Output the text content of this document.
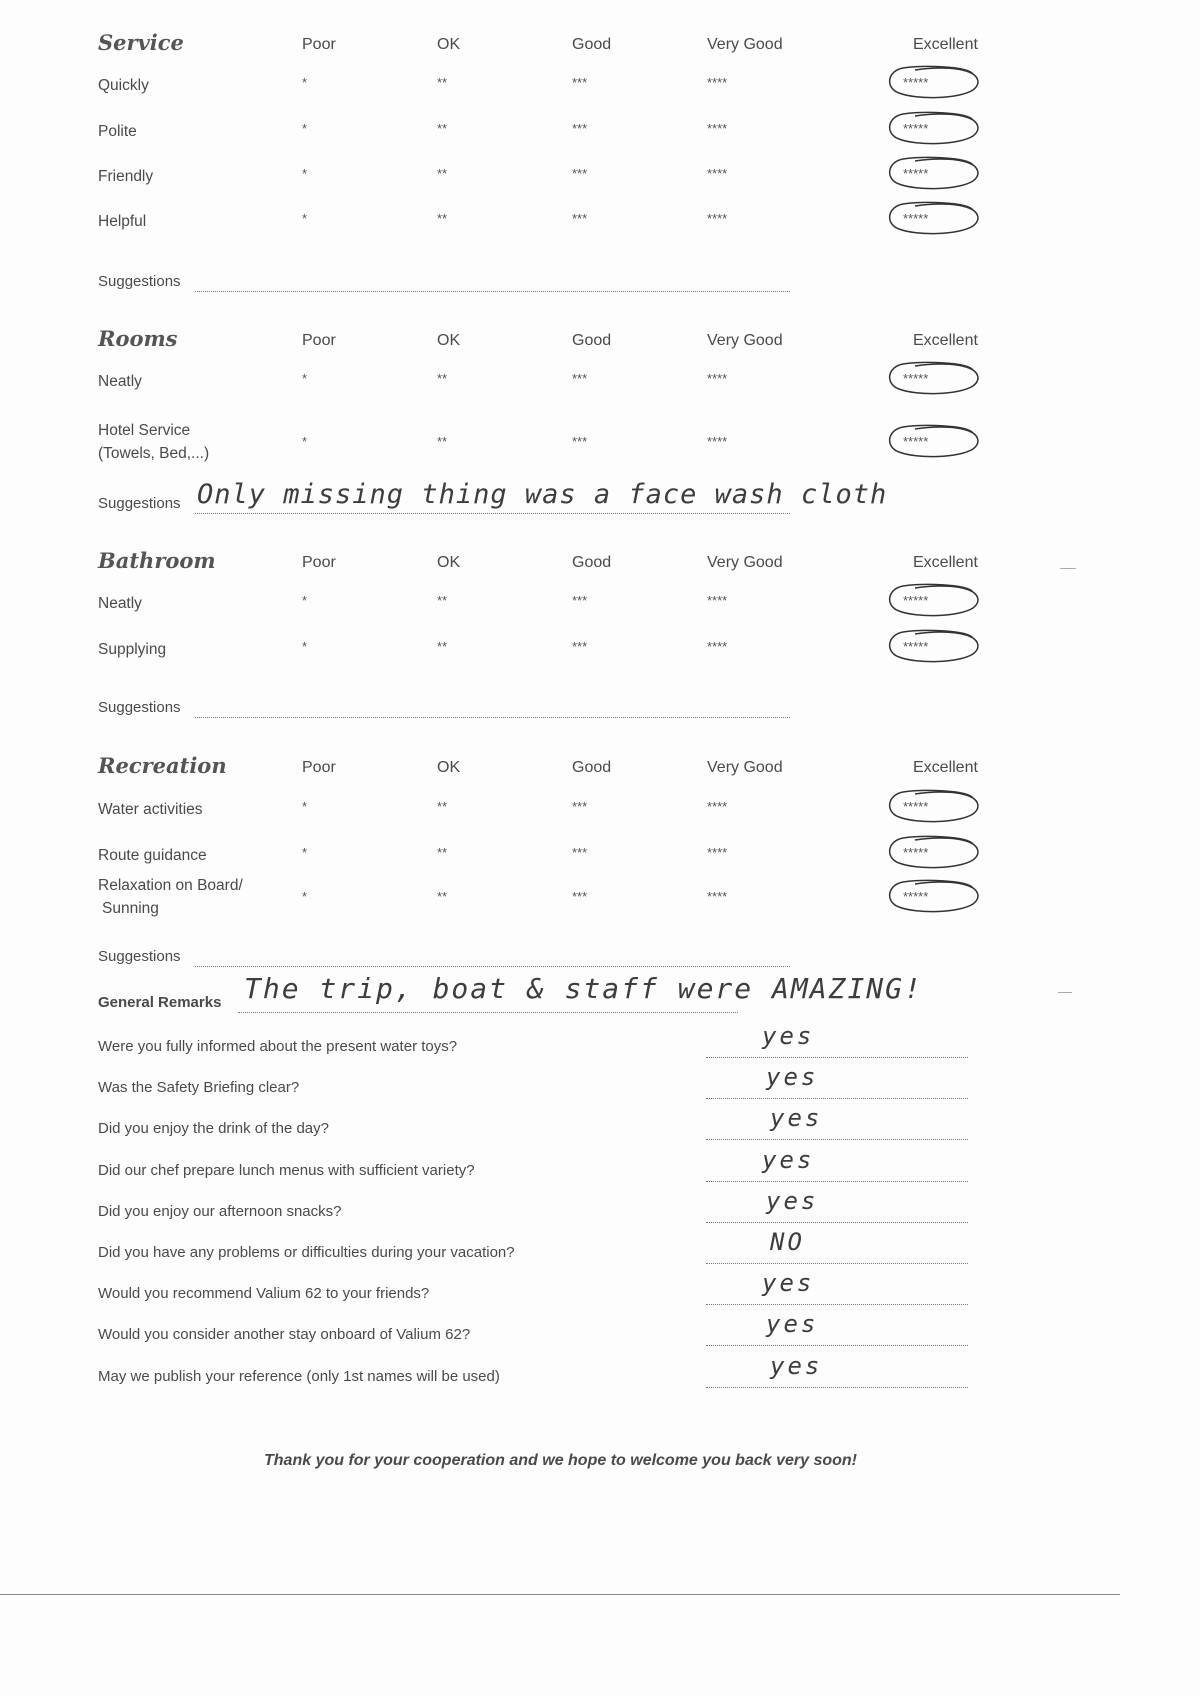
Service	Poor	OK	Good	Very Good	Excellent
Quickly	*	**	***	****	*****
Polite	*	**	***	****	*****
Friendly	*	**	***	****	*****
Helpful	*	**	***	****	*****
Suggestions
Rooms	Poor	OK	Good	Very Good	Excellent
Neatly	*	**	***	****	*****
Hotel Service
(Towels, Bed,...)
*	**	***	****	*****
Suggestions Only missing thing was a face wash cloth
Bathroom	Poor	OK	Good	Very Good	Excellent
Neatly	*	**	***	****	*****
Supplying	*	**	***	****	*****
Suggestions
Recreation	Poor	OK	Good	Very Good	Excellent
Water activities	*	**	***	****	*****
Route guidance	*	**	***	****	*****
Relaxation on Board/
Sunning
*	**	***	****	*****
Suggestions
General Remarks The trip, boat & staff were AMAZING!
Were you fully informed about the present water toys?	yes
Was the Safety Briefing clear?	yes
Did you enjoy the drink of the day?	yes
Did our chef prepare lunch menus with sufficient variety?	yes
Did you enjoy our afternoon snacks?	yes
Did you have any problems or difficulties during your vacation?	NO
Would you recommend Valium 62 to your friends?	yes
Would you consider another stay onboard of Valium 62?	yes
May we publish your reference (only 1st names will be used)	yes
Thank you for your cooperation and we hope to welcome you back very soon!
